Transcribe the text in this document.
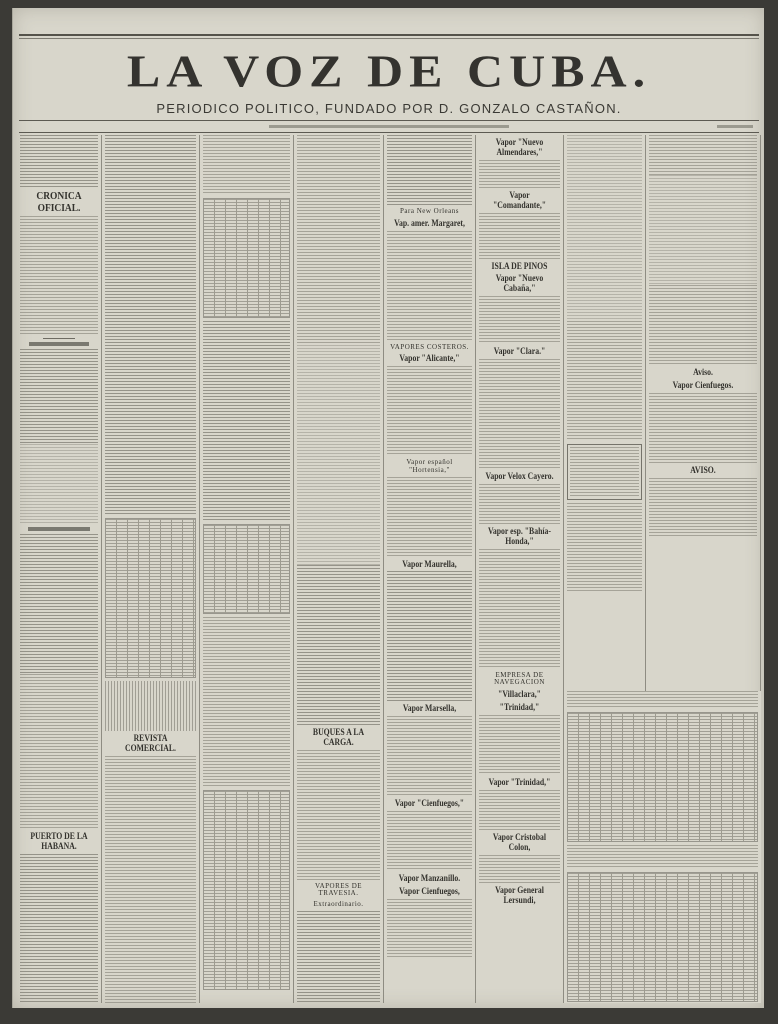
LA VOZ DE CUBA.
PERIODICO POLITICO, FUNDADO POR D. GONZALO CASTAÑON.
CRONICA OFICIAL.
PUERTO DE LA HABANA.
REVISTA COMERCIAL.
BUQUES A LA CARGA.
VAPORES DE TRAVESIA.
Extraordinario.
Para New Orleans
Vap. amer. Margaret,
VAPORES COSTEROS.
Vapor "Alicante,"
Vapor español "Hortensia,"
Vapor Maurella,
Vapor Marsella,
Vapor "Cienfuegos,"
Vapor Manzanillo.
Vapor Cienfuegos,
Vapor "Nuevo Almendares,"
Vapor "Comandante,"
ISLA DE PINOS
Vapor "Nuevo Cabaña,"
Vapor "Clara."
Vapor Velox Cayero.
Vapor esp. "Bahía-Honda,"
EMPRESA DE NAVEGACION
"Villaclara,"
"Trinidad,"
Vapor "Trinidad,"
Vapor Cristobal Colon,
Vapor General Lersundi,
Aviso.
Vapor Cienfuegos.
AVISO.
